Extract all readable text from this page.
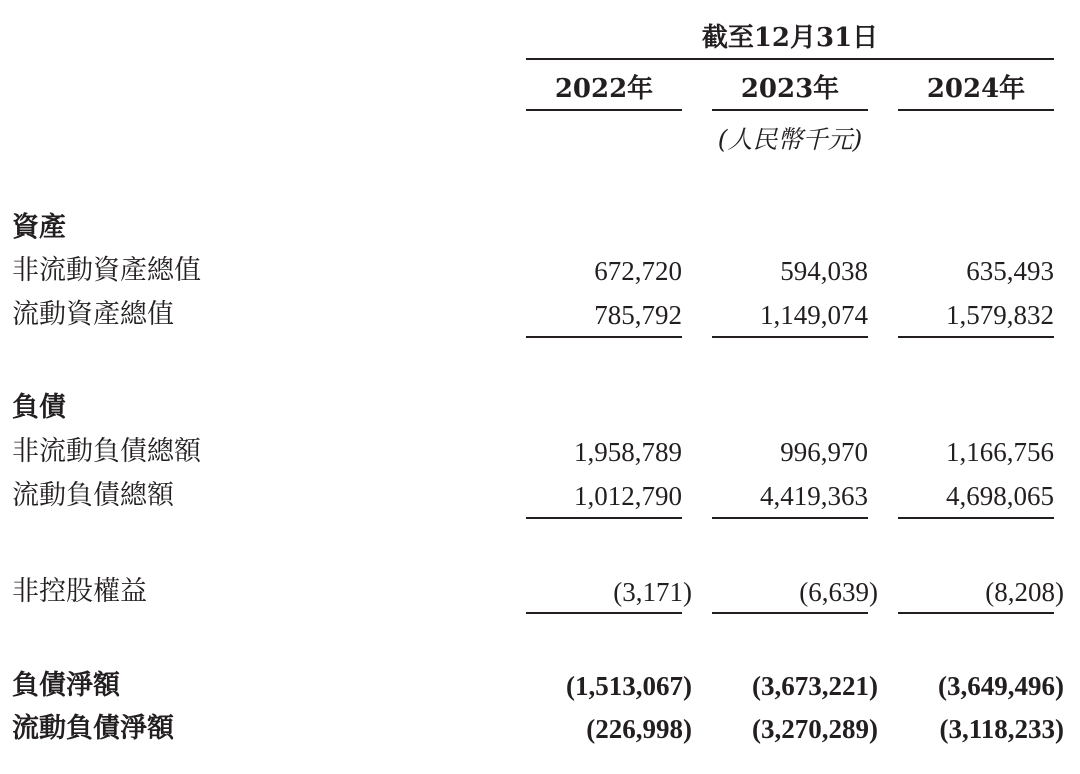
截至12月31日
2022年	2023年	2024年
(人民幣千元)
資產
非流動資產總值	672,720	594,038	635,493
流動資產總值	785,792	1,149,074	1,579,832
負債
非流動負債總額	1,958,789	996,970	1,166,756
流動負債總額	1,012,790	4,419,363	4,698,065
非控股權益	(3,171)	(6,639)	(8,208)
負債淨額	(1,513,067)	(3,673,221)	(3,649,496)
流動負債淨額	(226,998)	(3,270,289)	(3,118,233)
